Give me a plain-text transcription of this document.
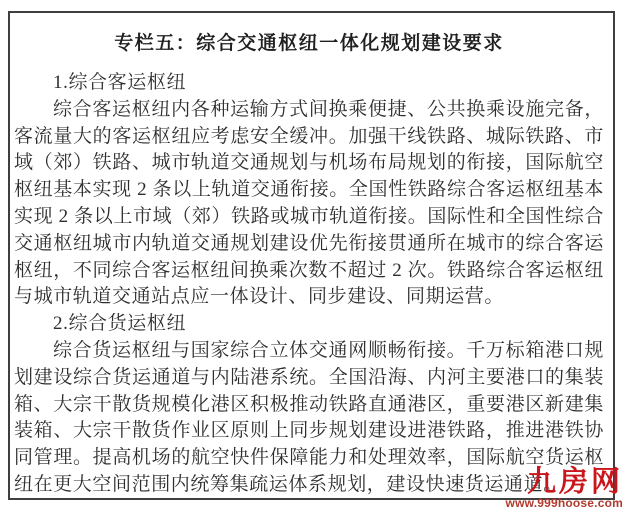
专栏五：综合交通枢纽一体化规划建设要求

1.综合客运枢纽

综合客运枢纽内各种运输方式间换乘便捷、公共换乘设施完备，客流量大的客运枢纽应考虑安全缓冲。加强干线铁路、城际铁路、市域（郊）铁路、城市轨道交通规划与机场布局规划的衔接，国际航空枢纽基本实现 2 条以上轨道交通衔接。全国性铁路综合客运枢纽基本实现 2 条以上市域（郊）铁路或城市轨道衔接。国际性和全国性综合交通枢纽城市内轨道交通规划建设优先衔接贯通所在城市的综合客运枢纽，不同综合客运枢纽间换乘次数不超过 2 次。铁路综合客运枢纽与城市轨道交通站点应一体设计、同步建设、同期运营。

2.综合货运枢纽

综合货运枢纽与国家综合立体交通网顺畅衔接。千万标箱港口规划建设综合货运通道与内陆港系统。全国沿海、内河主要港口的集装箱、大宗干散货规模化港区积极推动铁路直通港区，重要港区新建集装箱、大宗干散货作业区原则上同步规划建设进港铁路，推进港铁协同管理。提高机场的航空快件保障能力和处理效率，国际航空货运枢纽在更大空间范围内统筹集疏运体系规划，建设快速货运通道。

九房网
www.999hoose.com
